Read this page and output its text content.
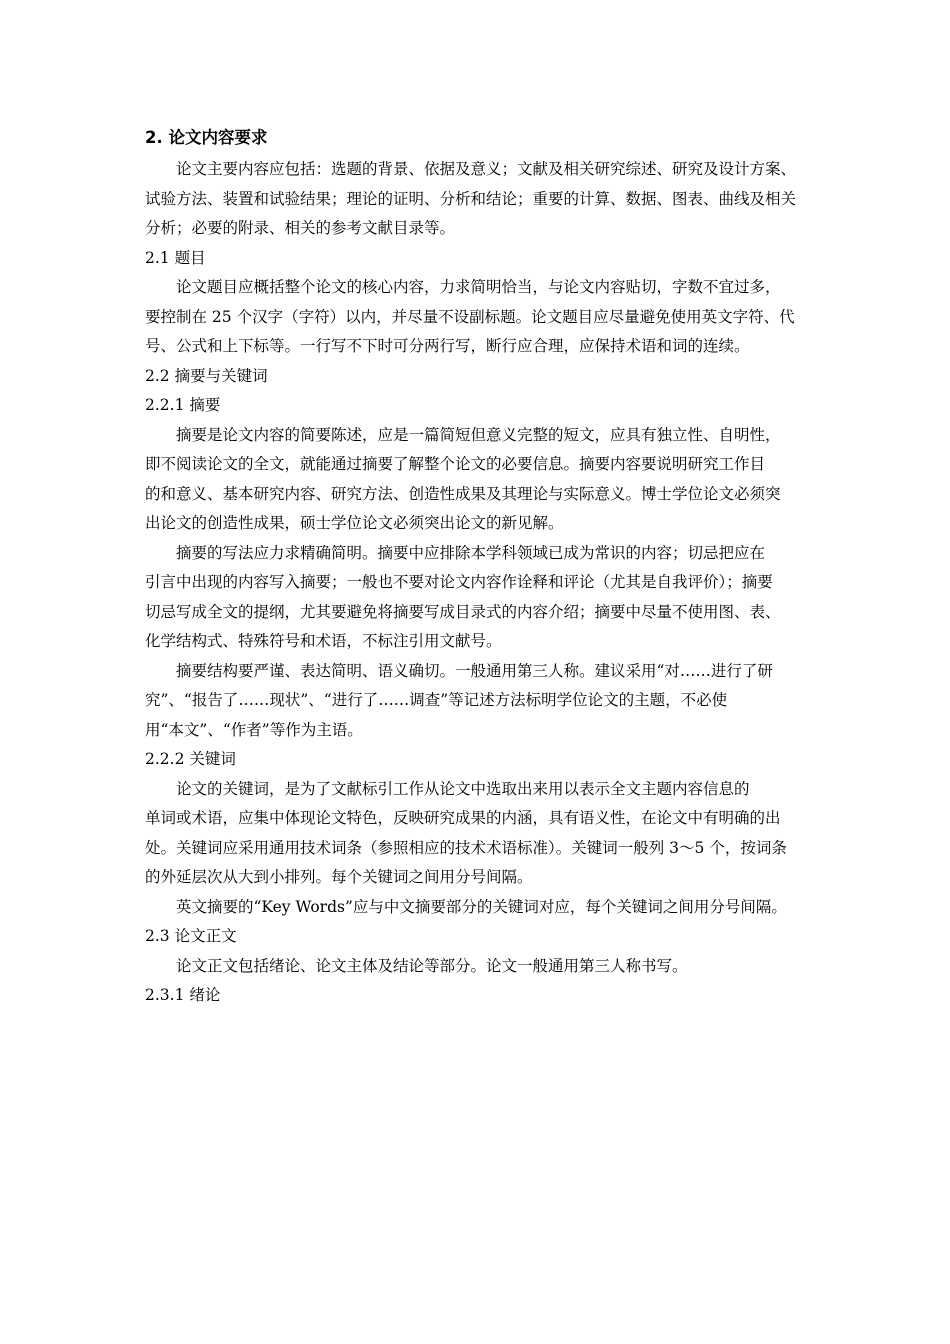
2. 论文内容要求

论文主要内容应包括：选题的背景、依据及意义；文献及相关研究综述、研究及设计方案、
试验方法、装置和试验结果；理论的证明、分析和结论；重要的计算、数据、图表、曲线及相关
分析；必要的附录、相关的参考文献目录等。

2.1 题目

论文题目应概括整个论文的核心内容，力求简明恰当，与论文内容贴切，字数不宜过多，
要控制在 25 个汉字（字符）以内，并尽量不设副标题。论文题目应尽量避免使用英文字符、代
号、公式和上下标等。一行写不下时可分两行写，断行应合理，应保持术语和词的连续。

2.2 摘要与关键词
2.2.1 摘要

摘要是论文内容的简要陈述，应是一篇简短但意义完整的短文，应具有独立性、自明性，
即不阅读论文的全文，就能通过摘要了解整个论文的必要信息。摘要内容要说明研究工作目
的和意义、基本研究内容、研究方法、创造性成果及其理论与实际意义。博士学位论文必须突
出论文的创造性成果，硕士学位论文必须突出论文的新见解。

摘要的写法应力求精确简明。摘要中应排除本学科领域已成为常识的内容；切忌把应在
引言中出现的内容写入摘要；一般也不要对论文内容作诠释和评论（尤其是自我评价）；摘要
切忌写成全文的提纲，尤其要避免将摘要写成目录式的内容介绍；摘要中尽量不使用图、表、
化学结构式、特殊符号和术语，不标注引用文献号。

摘要结构要严谨、表达简明、语义确切。一般通用第三人称。建议采用“对……进行了研
究”、“报告了……现状”、“进行了……调查”等记述方法标明学位论文的主题，不必使
用“本文”、“作者”等作为主语。

2.2.2 关键词

论文的关键词，是为了文献标引工作从论文中选取出来用以表示全文主题内容信息的
单词或术语，应集中体现论文特色，反映研究成果的内涵，具有语义性，在论文中有明确的出
处。关键词应采用通用技术词条（参照相应的技术术语标准）。关键词一般列 3～5 个，按词条
的外延层次从大到小排列。每个关键词之间用分号间隔。

英文摘要的“Key Words”应与中文摘要部分的关键词对应，每个关键词之间用分号间隔。

2.3 论文正文

论文正文包括绪论、论文主体及结论等部分。论文一般通用第三人称书写。

2.3.1 绪论
